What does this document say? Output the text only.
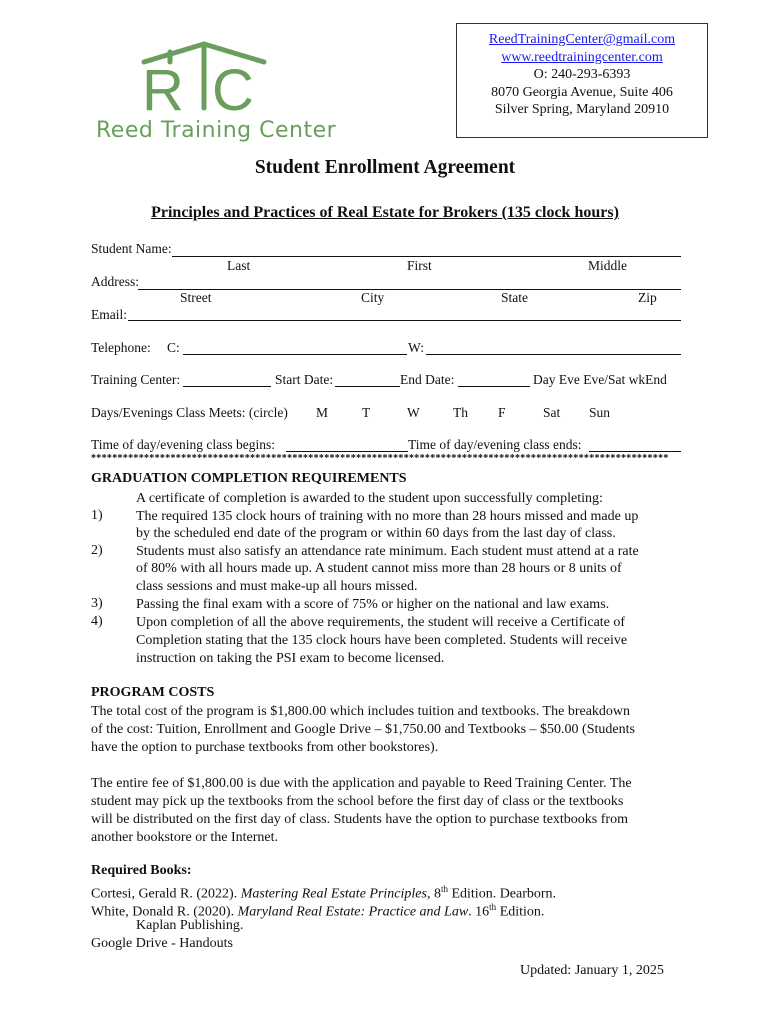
R C
Reed Training Center
ReedTrainingCenter@gmail.com
www.reedtrainingcenter.com
O: 240-293-6393
8070 Georgia Avenue, Suite 406
Silver Spring, Maryland 20910
Student Enrollment Agreement
Principles and Practices of Real Estate for Brokers (135 clock hours)
Student Name:
Last	First	Middle
Address:
Street	City	State	Zip
Email:
Telephone: C:	W:
Training Center:	Start Date:	End Date:	Day Eve Eve/Sat wkEnd
Days/Evenings Class Meets: (circle) M	T	W Th F	Sat Sun
Time of day/evening class begins:	Time of day/evening class ends:
*************************************************************************************************************
GRADUATION COMPLETION REQUIREMENTS
A certificate of completion is awarded to the student upon successfully completing:
1) The required 135 clock hours of training with no more than 28 hours missed and made up
by the scheduled end date of the program or within 60 days from the last day of class.
2) Students must also satisfy an attendance rate minimum. Each student must attend at a rate
of 80% with all hours made up. A student cannot miss more than 28 hours or 8 units of
class sessions and must make-up all hours missed.
3) Passing the final exam with a score of 75% or higher on the national and law exams.
4) Upon completion of all the above requirements, the student will receive a Certificate of
Completion stating that the 135 clock hours have been completed. Students will receive
instruction on taking the PSI exam to become licensed.
PROGRAM COSTS
The total cost of the program is $1,800.00 which includes tuition and textbooks. The breakdown
of the cost: Tuition, Enrollment and Google Drive – $1,750.00 and Textbooks – $50.00 (Students
have the option to purchase textbooks from other bookstores).
The entire fee of $1,800.00 is due with the application and payable to Reed Training Center. The
student may pick up the textbooks from the school before the first day of class or the textbooks
will be distributed on the first day of class. Students have the option to purchase textbooks from
another bookstore or the Internet.
Required Books:
Cortesi, Gerald R. (2022). Mastering Real Estate Principles, 8th Edition. Dearborn.
White, Donald R. (2020). Maryland Real Estate: Practice and Law. 16th Edition.
Kaplan Publishing.
Google Drive - Handouts
Updated: January 1, 2025
